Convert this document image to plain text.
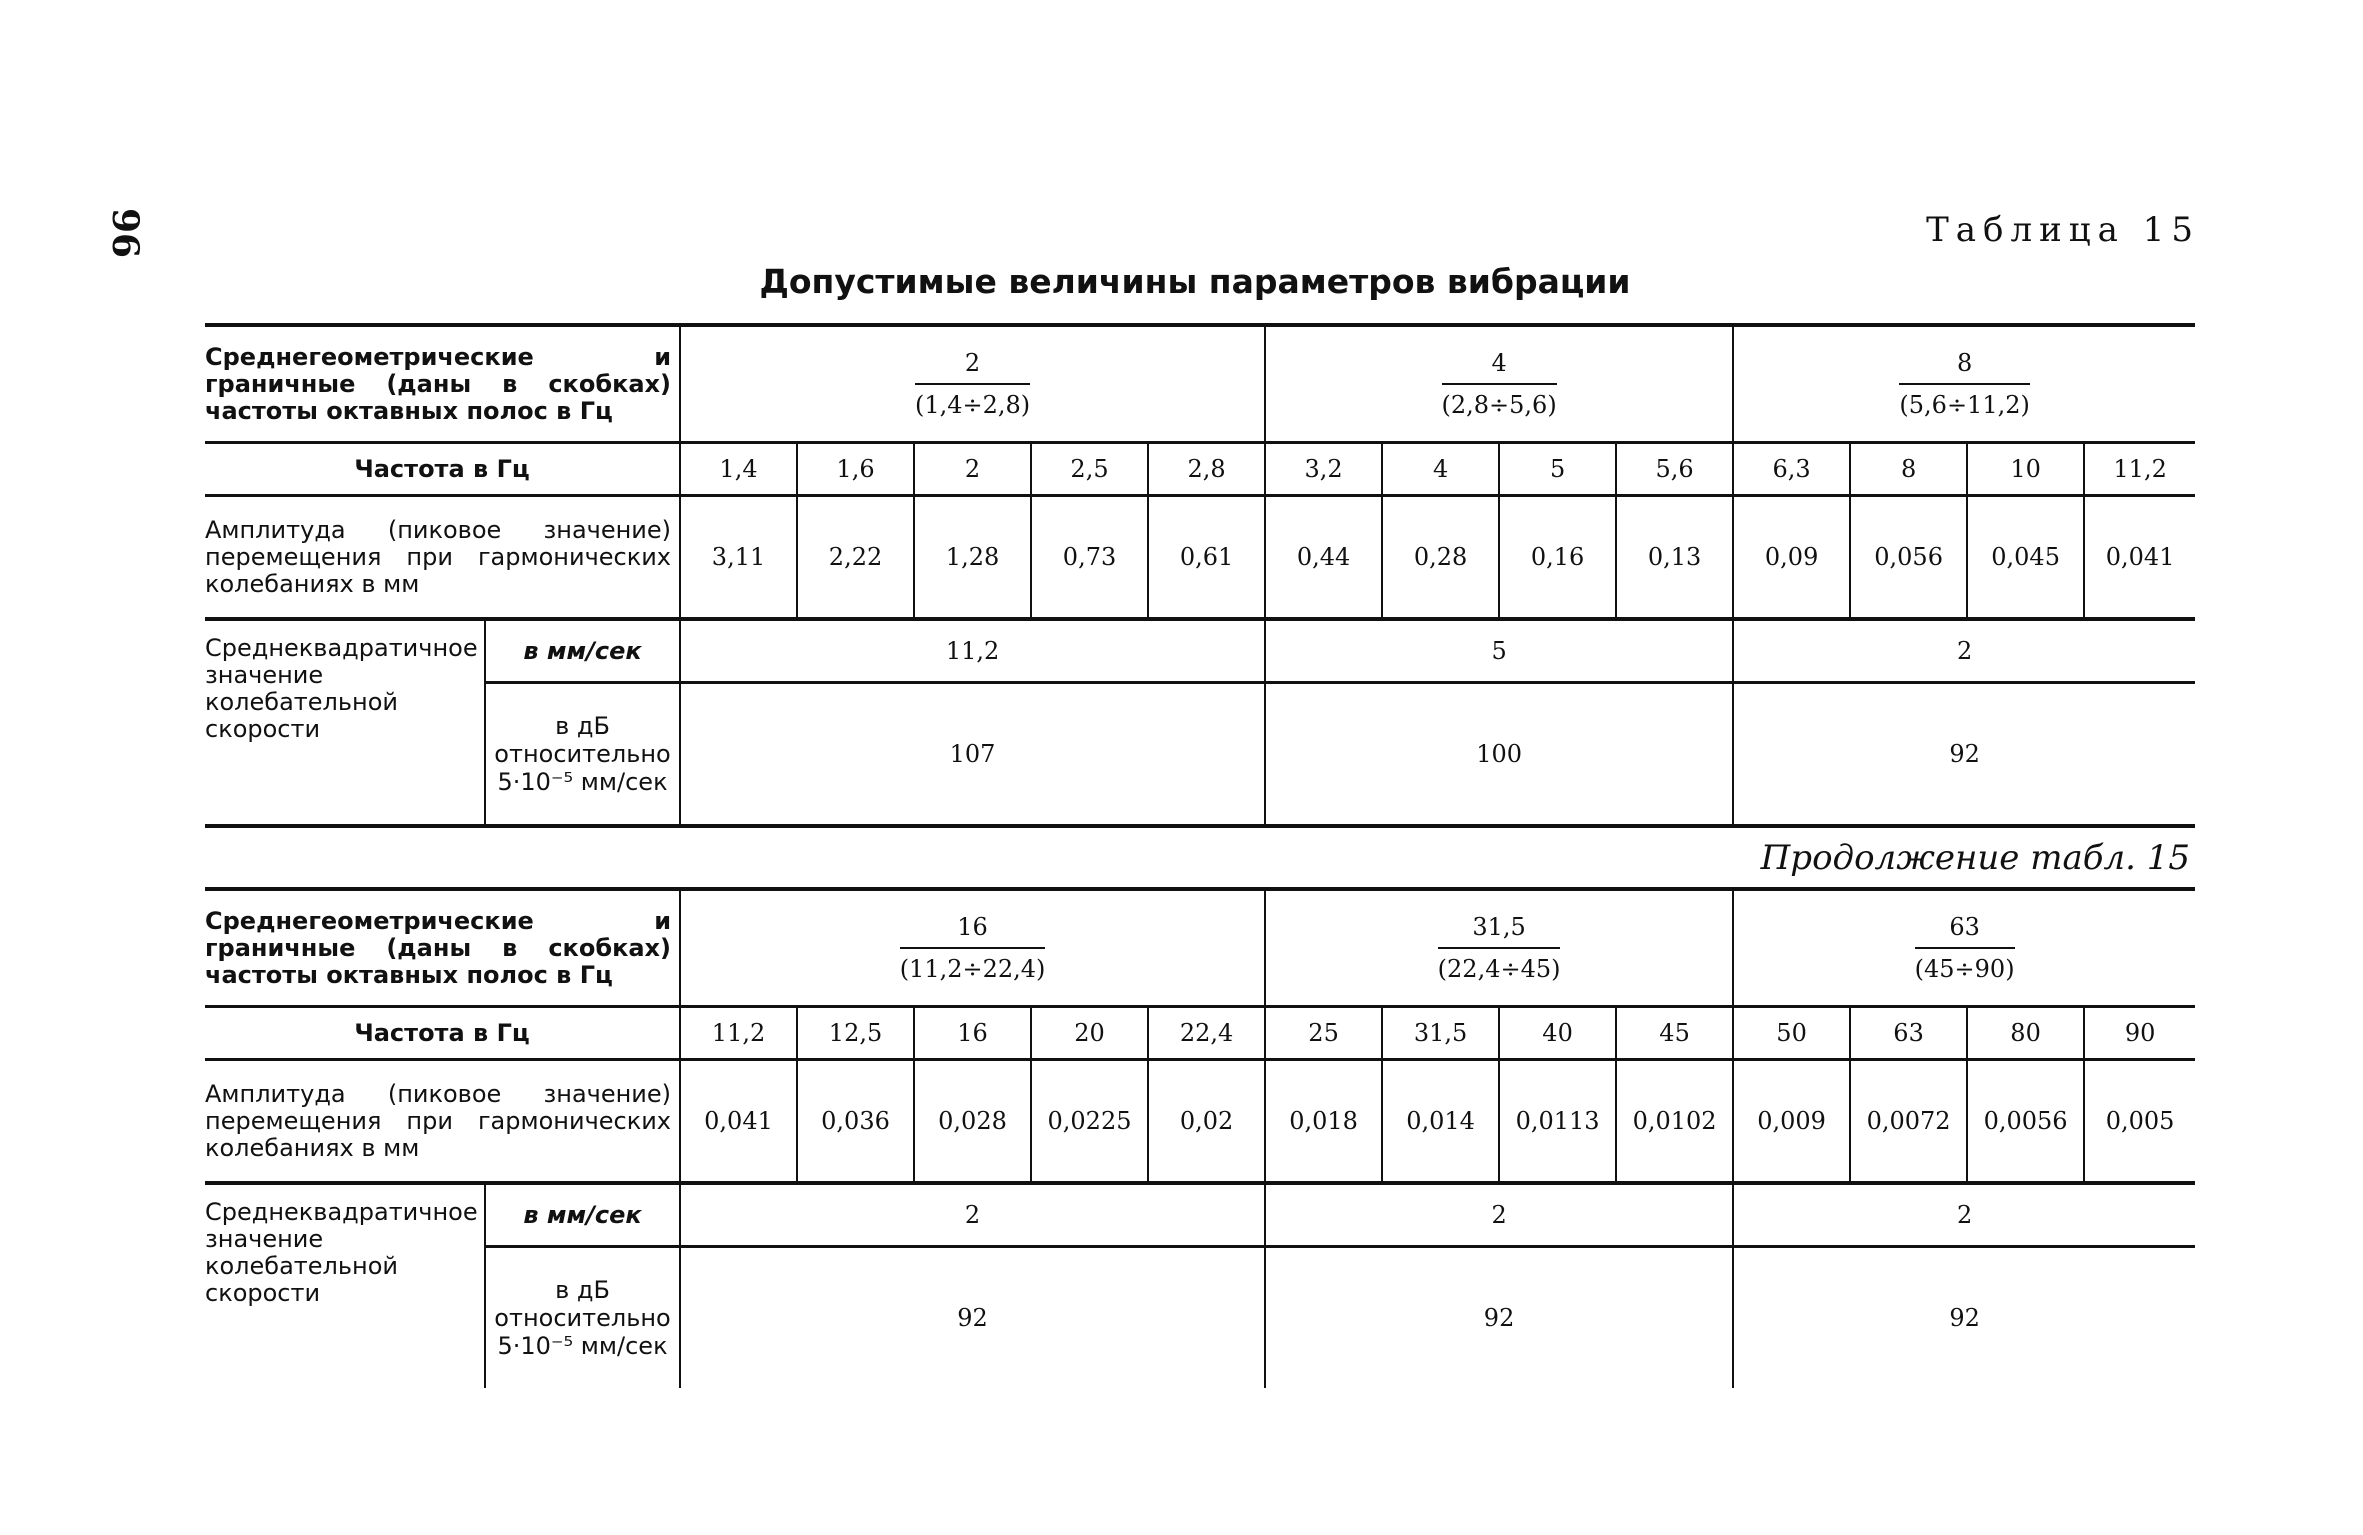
96	Таблица 15
Допустимые величины параметров вибрации
Продолжение табл. 15
Среднегеометрические и граничные (даны в скобках) частоты октавных полос в Гц		$\frac{2}{(1,4\div 2,8)}$					$\frac{4}{(2,8\div 5,6)}$				$\frac{8}{(5,6\div 11,2)}$

Частота в Гц		1,4	1,6	2	2,5	2,8	3,2	4	5	5,6	6,3	8	10	11,2
Амплитуда (пиковое значение) перемещения при гармонических колебаниях в мм		3,11	2,22	1,28	0,73	0,61	0,44	0,28	0,16	0,13	0,09	0,056	0,045	0,041
Среднеквадратичное значение колебательной скорости	в мм/сек	11,2					5				2			
	в дБ относительно 5·10⁻⁵ мм/сек	107					100				92			
Среднегеометрические и граничные (даны в скобках) частоты октавных полос в Гц		$\frac{16}{(11,2\div 22,4)}$					$\frac{31,5}{(22,4\div 45)}$				$\frac{63}{(45\div 90)}$

Частота в Гц		11,2	12,5	16	20	22,4	25	31,5	40	45	50	63	80	90
Амплитуда (пиковое значение) перемещения при гармонических колебаниях в мм		0,041	0,036	0,028	0,0225	0,02	0,018	0,014	0,0113	0,0102	0,009	0,0072	0,0056	0,005
Среднеквадратичное значение колебательной скорости	в мм/сек	2					2				2			
	в дБ относительно 5·10⁻⁵ мм/сек	92					92				92			
